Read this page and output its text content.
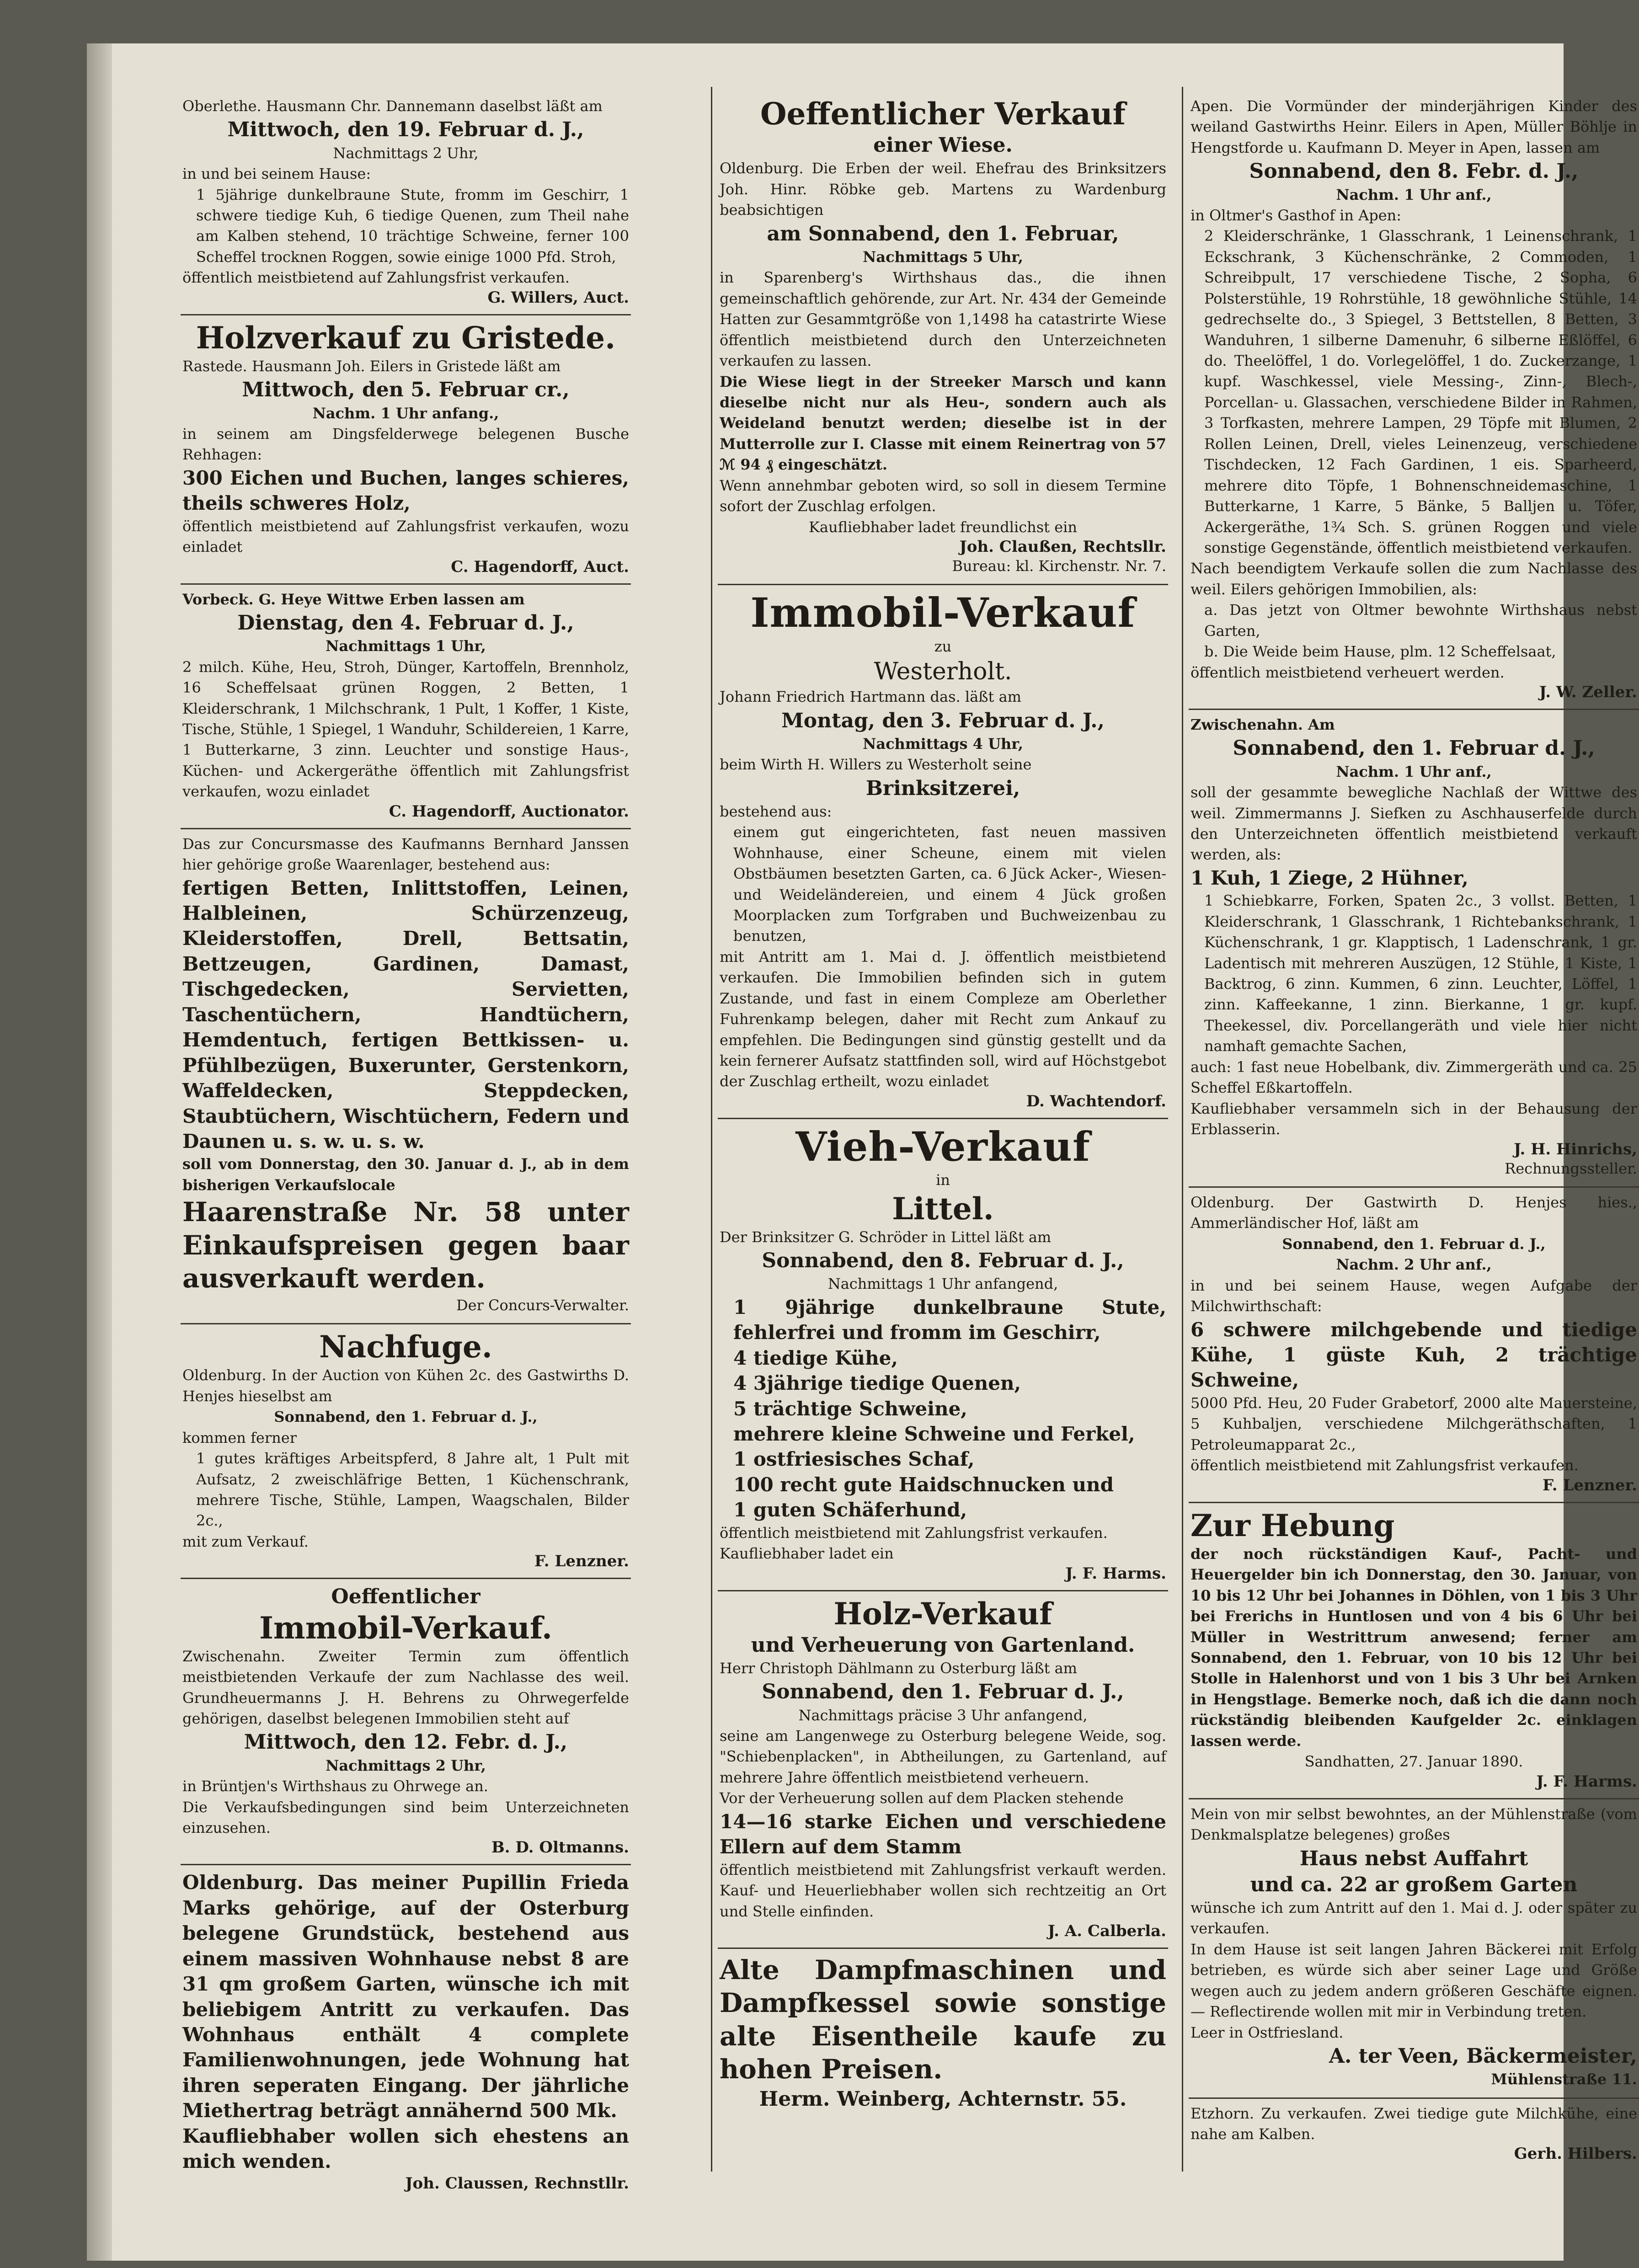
Oberlethe. Hausmann Chr. Dannemann daselbst läßt am

Mittwoch, den 19. Februar d. J.,

Nachmittags 2 Uhr,

in und bei seinem Hause:

1 5jährige dunkelbraune Stute, fromm im Geschirr, 1 schwere tiedige Kuh, 6 tiedige Quenen, zum Theil nahe am Kalben stehend, 10 trächtige Schweine, ferner 100 Scheffel trocknen Roggen, sowie einige 1000 Pfd. Stroh,

öffentlich meistbietend auf Zahlungsfrist verkaufen.

G. Willers, Auct.

Holzverkauf zu Gristede.

Rastede. Hausmann Joh. Eilers in Gristede läßt am

Mittwoch, den 5. Februar cr.,

Nachm. 1 Uhr anfang.,

in seinem am Dingsfelderwege belegenen Busche Rehhagen:

300 Eichen und Buchen, langes schieres, theils schweres Holz,

öffentlich meistbietend auf Zahlungsfrist verkaufen, wozu einladet

C. Hagendorff, Auct.

Vorbeck. G. Heye Wittwe Erben lassen am

Dienstag, den 4. Februar d. J.,

Nachmittags 1 Uhr,

2 milch. Kühe, Heu, Stroh, Dünger, Kartoffeln, Brennholz, 16 Scheffelsaat grünen Roggen, 2 Betten, 1 Kleiderschrank, 1 Milchschrank, 1 Pult, 1 Koffer, 1 Kiste, Tische, Stühle, 1 Spiegel, 1 Wanduhr, Schildereien, 1 Karre, 1 Butterkarne, 3 zinn. Leuchter und sonstige Haus-, Küchen- und Ackergeräthe öffentlich mit Zahlungsfrist verkaufen, wozu einladet

C. Hagendorff, Auctionator.

Das zur Concursmasse des Kaufmanns Bernhard Janssen hier gehörige große Waarenlager, bestehend aus:

fertigen Betten, Inlittstoffen, Leinen, Halbleinen, Schürzenzeug, Kleiderstoffen, Drell, Bettsatin, Bettzeugen, Gardinen, Damast, Tischgedecken, Servietten, Taschentüchern, Handtüchern, Hemdentuch, fertigen Bettkissen- u. Pfühlbezügen, Buxerunter, Gerstenkorn, Waffeldecken, Steppdecken, Staubtüchern, Wischtüchern, Federn und Daunen u. s. w. u. s. w.

soll vom Donnerstag, den 30. Januar d. J., ab in dem bisherigen Verkaufslocale

Haarenstraße Nr. 58 unter Einkaufspreisen gegen baar ausverkauft werden.

Der Concurs-Verwalter.

Nachfuge.

Oldenburg. In der Auction von Kühen 2c. des Gastwirths D. Henjes hieselbst am

Sonnabend, den 1. Februar d. J.,

kommen ferner

1 gutes kräftiges Arbeitspferd, 8 Jahre alt, 1 Pult mit Aufsatz, 2 zweischläfrige Betten, 1 Küchenschrank, mehrere Tische, Stühle, Lampen, Waagschalen, Bilder 2c.,

mit zum Verkauf.

F. Lenzner.

Oeffentlicher

Immobil-Verkauf.

Zwischenahn. Zweiter Termin zum öffentlich meistbietenden Verkaufe der zum Nachlasse des weil. Grundheuermanns J. H. Behrens zu Ohrwegerfelde gehörigen, daselbst belegenen Immobilien steht auf

Mittwoch, den 12. Febr. d. J.,

Nachmittags 2 Uhr,

in Brüntjen's Wirthshaus zu Ohrwege an.

Die Verkaufsbedingungen sind beim Unterzeichneten einzusehen.

B. D. Oltmanns.

Oldenburg. Das meiner Pupillin Frieda Marks gehörige, auf der Osterburg belegene Grundstück, bestehend aus einem massiven Wohnhause nebst 8 are 31 qm großem Garten, wünsche ich mit beliebigem Antritt zu verkaufen. Das Wohnhaus enthält 4 complete Familienwohnungen, jede Wohnung hat ihren seperaten Eingang. Der jährliche Miethertrag beträgt annähernd 500 Mk.

Kaufliebhaber wollen sich ehestens an mich wenden.

Joh. Claussen, Rechnstllr.

Oeffentlicher Verkauf

einer Wiese.

Oldenburg. Die Erben der weil. Ehefrau des Brinksitzers Joh. Hinr. Röbke geb. Martens zu Wardenburg beabsichtigen

am Sonnabend, den 1. Februar,

Nachmittags 5 Uhr,

in Sparenberg's Wirthshaus das., die ihnen gemeinschaftlich gehörende, zur Art. Nr. 434 der Gemeinde Hatten zur Gesammtgröße von 1,1498 ha catastrirte Wiese öffentlich meistbietend durch den Unterzeichneten verkaufen zu lassen.

Die Wiese liegt in der Streeker Marsch und kann dieselbe nicht nur als Heu-, sondern auch als Weideland benutzt werden; dieselbe ist in der Mutterrolle zur I. Classe mit einem Reinertrag von 57 ℳ 94 ₰ eingeschätzt.

Wenn annehmbar geboten wird, so soll in diesem Termine sofort der Zuschlag erfolgen.

Kaufliebhaber ladet freundlichst ein

Joh. Claußen, Rechtsllr.

Bureau: kl. Kirchenstr. Nr. 7.

Immobil-Verkauf

zu

Westerholt.

Johann Friedrich Hartmann das. läßt am

Montag, den 3. Februar d. J.,

Nachmittags 4 Uhr,

beim Wirth H. Willers zu Westerholt seine

Brinksitzerei,

bestehend aus:

einem gut eingerichteten, fast neuen massiven Wohnhause, einer Scheune, einem mit vielen Obstbäumen besetzten Garten, ca. 6 Jück Acker-, Wiesen- und Weideländereien, und einem 4 Jück großen Moorplacken zum Torfgraben und Buchweizenbau zu benutzen,

mit Antritt am 1. Mai d. J. öffentlich meistbietend verkaufen. Die Immobilien befinden sich in gutem Zustande, und fast in einem Compleze am Oberlether Fuhrenkamp belegen, daher mit Recht zum Ankauf zu empfehlen. Die Bedingungen sind günstig gestellt und da kein fernerer Aufsatz stattfinden soll, wird auf Höchstgebot der Zuschlag ertheilt, wozu einladet

D. Wachtendorf.

Vieh-Verkauf

in

Littel.

Der Brinksitzer G. Schröder in Littel läßt am

Sonnabend, den 8. Februar d. J.,

Nachmittags 1 Uhr anfangend,

1 9jährige dunkelbraune Stute, fehlerfrei und fromm im Geschirr,

4 tiedige Kühe,

4 3jährige tiedige Quenen,

5 trächtige Schweine,

mehrere kleine Schweine und Ferkel,

1 ostfriesisches Schaf,

100 recht gute Haidschnucken und

1 guten Schäferhund,

öffentlich meistbietend mit Zahlungsfrist verkaufen.

Kaufliebhaber ladet ein

J. F. Harms.

Holz-Verkauf

und Verheuerung von Gartenland.

Herr Christoph Dählmann zu Osterburg läßt am

Sonnabend, den 1. Februar d. J.,

Nachmittags präcise 3 Uhr anfangend,

seine am Langenwege zu Osterburg belegene Weide, sog. "Schiebenplacken", in Abtheilungen, zu Gartenland, auf mehrere Jahre öffentlich meistbietend verheuern.

Vor der Verheuerung sollen auf dem Placken stehende

14—16 starke Eichen und verschiedene Ellern auf dem Stamm

öffentlich meistbietend mit Zahlungsfrist verkauft werden. Kauf- und Heuerliebhaber wollen sich rechtzeitig an Ort und Stelle einfinden.

J. A. Calberla.

Alte Dampfmaschinen und Dampfkessel sowie sonstige alte Eisentheile kaufe zu hohen Preisen.

Herm. Weinberg, Achternstr. 55.

Apen. Die Vormünder der minderjährigen Kinder des weiland Gastwirths Heinr. Eilers in Apen, Müller Böhlje in Hengstforde u. Kaufmann D. Meyer in Apen, lassen am

Sonnabend, den 8. Febr. d. J.,

Nachm. 1 Uhr anf.,

in Oltmer's Gasthof in Apen:

2 Kleiderschränke, 1 Glasschrank, 1 Leinenschrank, 1 Eckschrank, 3 Küchenschränke, 2 Commoden, 1 Schreibpult, 17 verschiedene Tische, 2 Sopha, 6 Polsterstühle, 19 Rohrstühle, 18 gewöhnliche Stühle, 14 gedrechselte do., 3 Spiegel, 3 Bettstellen, 8 Betten, 3 Wanduhren, 1 silberne Damenuhr, 6 silberne Eßlöffel, 6 do. Theelöffel, 1 do. Vorlegelöffel, 1 do. Zuckerzange, 1 kupf. Waschkessel, viele Messing-, Zinn-, Blech-, Porcellan- u. Glassachen, verschiedene Bilder in Rahmen, 3 Torfkasten, mehrere Lampen, 29 Töpfe mit Blumen, 2 Rollen Leinen, Drell, vieles Leinenzeug, verschiedene Tischdecken, 12 Fach Gardinen, 1 eis. Sparheerd, mehrere dito Töpfe, 1 Bohnenschneidemaschine, 1 Butterkarne, 1 Karre, 5 Bänke, 5 Balljen u. Töfer, Ackergeräthe, 1¾ Sch. S. grünen Roggen und viele sonstige Gegenstände, öffentlich meistbietend verkaufen.

Nach beendigtem Verkaufe sollen die zum Nachlasse des weil. Eilers gehörigen Immobilien, als:

a. Das jetzt von Oltmer bewohnte Wirthshaus nebst Garten,

b. Die Weide beim Hause, plm. 12 Scheffelsaat,

öffentlich meistbietend verheuert werden.

J. W. Zeller.

Zwischenahn. Am

Sonnabend, den 1. Februar d. J.,

Nachm. 1 Uhr anf.,

soll der gesammte bewegliche Nachlaß der Wittwe des weil. Zimmermanns J. Siefken zu Aschhauserfelde durch den Unterzeichneten öffentlich meistbietend verkauft werden, als:

1 Kuh, 1 Ziege, 2 Hühner,

1 Schiebkarre, Forken, Spaten 2c., 3 vollst. Betten, 1 Kleiderschrank, 1 Glasschrank, 1 Richtebankschrank, 1 Küchenschrank, 1 gr. Klapptisch, 1 Ladenschrank, 1 gr. Ladentisch mit mehreren Auszügen, 12 Stühle, 1 Kiste, 1 Backtrog, 6 zinn. Kummen, 6 zinn. Leuchter, Löffel, 1 zinn. Kaffeekanne, 1 zinn. Bierkanne, 1 gr. kupf. Theekessel, div. Porcellangeräth und viele hier nicht namhaft gemachte Sachen,

auch: 1 fast neue Hobelbank, div. Zimmergeräth und ca. 25 Scheffel Eßkartoffeln.

Kaufliebhaber versammeln sich in der Behausung der Erblasserin.

J. H. Hinrichs,

Rechnungssteller.

Oldenburg. Der Gastwirth D. Henjes hies., Ammerländischer Hof, läßt am

Sonnabend, den 1. Februar d. J.,

Nachm. 2 Uhr anf.,

in und bei seinem Hause, wegen Aufgabe der Milchwirthschaft:

6 schwere milchgebende und tiedige Kühe, 1 güste Kuh, 2 trächtige Schweine,

5000 Pfd. Heu, 20 Fuder Grabetorf, 2000 alte Mauersteine, 5 Kuhbaljen, verschiedene Milchgeräthschaften, 1 Petroleumapparat 2c.,

öffentlich meistbietend mit Zahlungsfrist verkaufen.

F. Lenzner.

Zur Hebung

der noch rückständigen Kauf-, Pacht- und Heuergelder bin ich Donnerstag, den 30. Januar, von 10 bis 12 Uhr bei Johannes in Döhlen, von 1 bis 3 Uhr bei Frerichs in Huntlosen und von 4 bis 6 Uhr bei Müller in Westrittrum anwesend; ferner am Sonnabend, den 1. Februar, von 10 bis 12 Uhr bei Stolle in Halenhorst und von 1 bis 3 Uhr bei Arnken in Hengstlage. Bemerke noch, daß ich die dann noch rückständig bleibenden Kaufgelder 2c. einklagen lassen werde.

Sandhatten, 27. Januar 1890.

J. F. Harms.

Mein von mir selbst bewohntes, an der Mühlenstraße (vom Denkmalsplatze belegenes) großes

Haus nebst Auffahrt

und ca. 22 ar großem Garten

wünsche ich zum Antritt auf den 1. Mai d. J. oder später zu verkaufen.

In dem Hause ist seit langen Jahren Bäckerei mit Erfolg betrieben, es würde sich aber seiner Lage und Größe wegen auch zu jedem andern größeren Geschäfte eignen. — Reflectirende wollen mit mir in Verbindung treten.

Leer in Ostfriesland.

A. ter Veen, Bäckermeister,

Mühlenstraße 11.

Etzhorn. Zu verkaufen. Zwei tiedige gute Milchkühe, eine nahe am Kalben.

Gerh. Hilbers.
